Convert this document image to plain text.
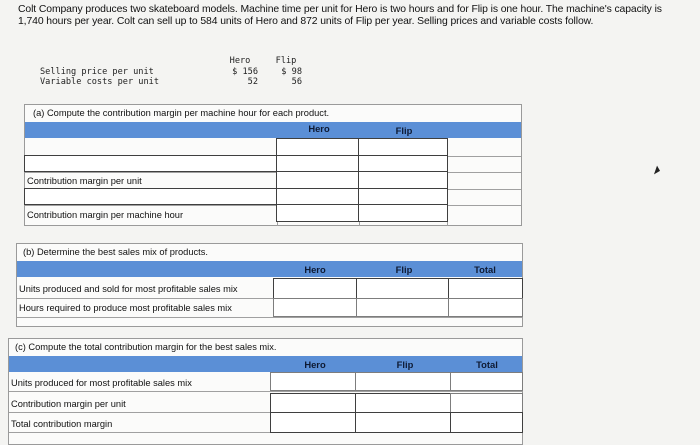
Colt Company produces two skateboard models. Machine time per unit for Hero is two hours and for Flip is one hour. The machine's capacity is 1,740 hours per year. Colt can sell up to 584 units of Hero and 872 units of Flip per year. Selling prices and variable costs follow.
Hero	Flip
Selling price per unit	$ 156	$ 98
Variable costs per unit	52	56
(a) Compute the contribution margin per machine hour for each product.
Hero	Flip
Contribution margin per unit
Contribution margin per machine hour
(b) Determine the best sales mix of products.
Hero	Flip	Total
Units produced and sold for most profitable sales mix
Hours required to produce most profitable sales mix
(c) Compute the total contribution margin for the best sales mix.
Hero	Flip	Total
Units produced for most profitable sales mix
Contribution margin per unit
Total contribution margin
